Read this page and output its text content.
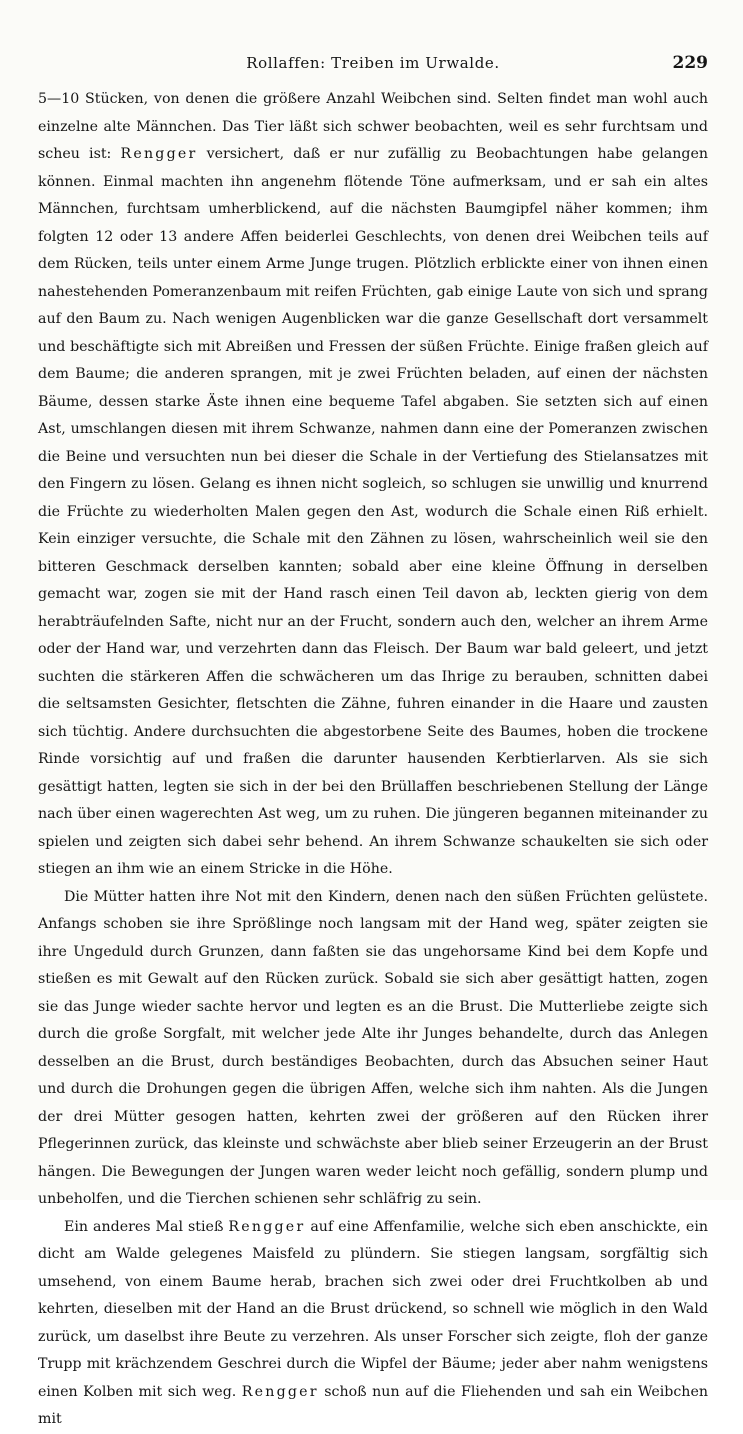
Rollaffen: Treiben im Urwalde.	229

5—10 Stücken, von denen die größere Anzahl Weibchen sind. Selten findet man wohl auch einzelne alte Männchen. Das Tier läßt sich schwer beobachten, weil es sehr furchtsam und scheu ist: Rengger versichert, daß er nur zufällig zu Beobachtungen habe gelangen können. Einmal machten ihn angenehm flötende Töne aufmerksam, und er sah ein altes Männchen, furchtsam umherblickend, auf die nächsten Baumgipfel näher kommen; ihm folgten 12 oder 13 andere Affen beiderlei Geschlechts, von denen drei Weibchen teils auf dem Rücken, teils unter einem Arme Junge trugen. Plötzlich erblickte einer von ihnen einen nahestehenden Pomeranzenbaum mit reifen Früchten, gab einige Laute von sich und sprang auf den Baum zu. Nach wenigen Augenblicken war die ganze Gesellschaft dort versammelt und beschäftigte sich mit Abreißen und Fressen der süßen Früchte. Einige fraßen gleich auf dem Baume; die anderen sprangen, mit je zwei Früchten beladen, auf einen der nächsten Bäume, dessen starke Äste ihnen eine bequeme Tafel abgaben. Sie setzten sich auf einen Ast, umschlangen diesen mit ihrem Schwanze, nahmen dann eine der Pomeranzen zwischen die Beine und versuchten nun bei dieser die Schale in der Vertiefung des Stielansatzes mit den Fingern zu lösen. Gelang es ihnen nicht sogleich, so schlugen sie unwillig und knurrend die Früchte zu wiederholten Malen gegen den Ast, wodurch die Schale einen Riß erhielt. Kein einziger versuchte, die Schale mit den Zähnen zu lösen, wahrscheinlich weil sie den bitteren Geschmack derselben kannten; sobald aber eine kleine Öffnung in derselben gemacht war, zogen sie mit der Hand rasch einen Teil davon ab, leckten gierig von dem herabträufelnden Safte, nicht nur an der Frucht, sondern auch den, welcher an ihrem Arme oder der Hand war, und verzehrten dann das Fleisch. Der Baum war bald geleert, und jetzt suchten die stärkeren Affen die schwächeren um das Ihrige zu berauben, schnitten dabei die seltsamsten Gesichter, fletschten die Zähne, fuhren einander in die Haare und zausten sich tüchtig. Andere durchsuchten die abgestorbene Seite des Baumes, hoben die trockene Rinde vorsichtig auf und fraßen die darunter hausenden Kerbtierlarven. Als sie sich gesättigt hatten, legten sie sich in der bei den Brüllaffen beschriebenen Stellung der Länge nach über einen wagerechten Ast weg, um zu ruhen. Die jüngeren begannen miteinander zu spielen und zeigten sich dabei sehr behend. An ihrem Schwanze schaukelten sie sich oder stiegen an ihm wie an einem Stricke in die Höhe.

Die Mütter hatten ihre Not mit den Kindern, denen nach den süßen Früchten gelüstete. Anfangs schoben sie ihre Sprößlinge noch langsam mit der Hand weg, später zeigten sie ihre Ungeduld durch Grunzen, dann faßten sie das ungehorsame Kind bei dem Kopfe und stießen es mit Gewalt auf den Rücken zurück. Sobald sie sich aber gesättigt hatten, zogen sie das Junge wieder sachte hervor und legten es an die Brust. Die Mutterliebe zeigte sich durch die große Sorgfalt, mit welcher jede Alte ihr Junges behandelte, durch das Anlegen desselben an die Brust, durch beständiges Beobachten, durch das Absuchen seiner Haut und durch die Drohungen gegen die übrigen Affen, welche sich ihm nahten. Als die Jungen der drei Mütter gesogen hatten, kehrten zwei der größeren auf den Rücken ihrer Pflegerinnen zurück, das kleinste und schwächste aber blieb seiner Erzeugerin an der Brust hängen. Die Bewegungen der Jungen waren weder leicht noch gefällig, sondern plump und unbeholfen, und die Tierchen schienen sehr schläfrig zu sein.

Ein anderes Mal stieß Rengger auf eine Affenfamilie, welche sich eben anschickte, ein dicht am Walde gelegenes Maisfeld zu plündern. Sie stiegen langsam, sorgfältig sich umsehend, von einem Baume herab, brachen sich zwei oder drei Fruchtkolben ab und kehrten, dieselben mit der Hand an die Brust drückend, so schnell wie möglich in den Wald zurück, um daselbst ihre Beute zu verzehren. Als unser Forscher sich zeigte, floh der ganze Trupp mit krächzendem Geschrei durch die Wipfel der Bäume; jeder aber nahm wenigstens einen Kolben mit sich weg. Rengger schoß nun auf die Fliehenden und sah ein Weibchen mit
